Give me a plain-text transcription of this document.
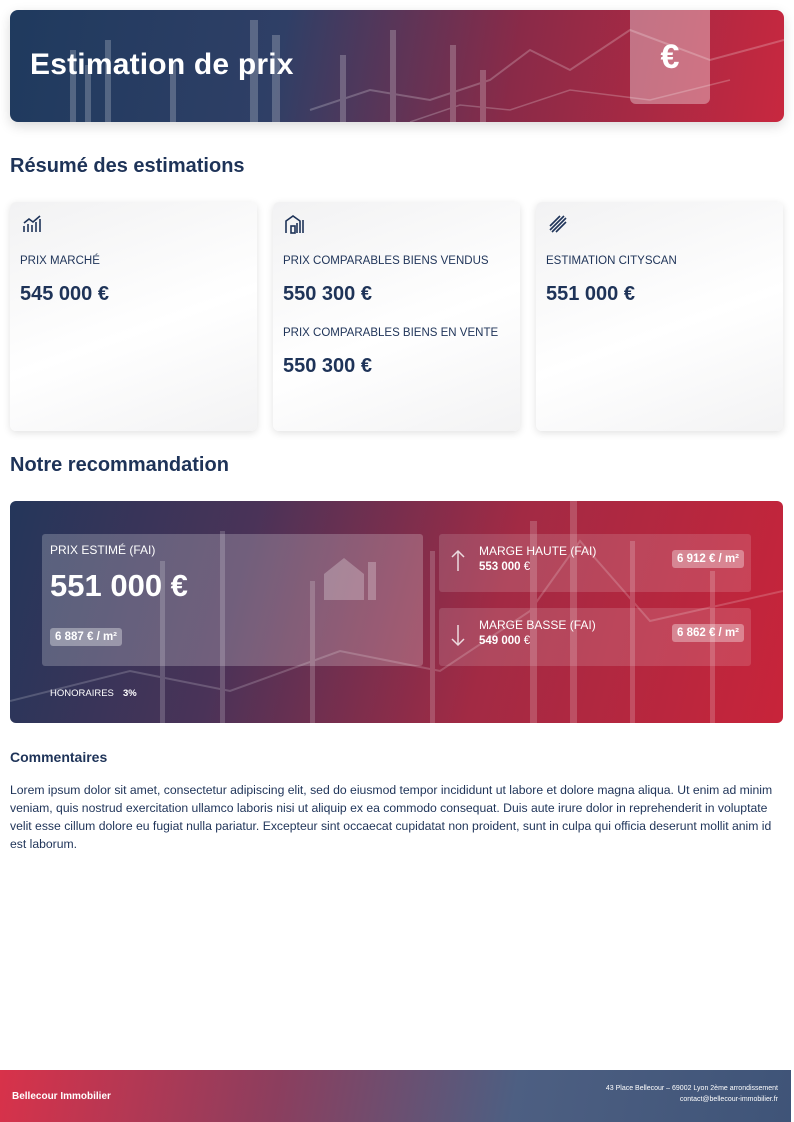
Estimation de prix	€
Résumé des estimations
PRIX MARCHÉ
545 000 €
PRIX COMPARABLES BIENS VENDUS
550 300 €
PRIX COMPARABLES BIENS EN VENTE
550 300 €
ESTIMATION CITYSCAN
551 000 €
Notre recommandation
PRIX ESTIMÉ (FAI)
551 000 €
6 887 € / m²
HONORAIRES 3%
MARGE HAUTE (FAI)
553 000 €
6 912 € / m²
MARGE BASSE (FAI)
549 000 €
6 862 € / m²
Commentaires
Lorem ipsum dolor sit amet, consectetur adipiscing elit, sed do eiusmod tempor incididunt ut labore et dolore magna aliqua. Ut enim ad minim veniam, quis nostrud exercitation ullamco laboris nisi ut aliquip ex ea commodo consequat. Duis aute irure dolor in reprehenderit in voluptate velit esse cillum dolore eu fugiat nulla pariatur. Excepteur sint occaecat cupidatat non proident, sunt in culpa qui officia deserunt mollit anim id est laborum.
Bellecour Immobilier
43 Place Bellecour – 69002 Lyon 2ème arrondissement
contact@bellecour-immobilier.fr
